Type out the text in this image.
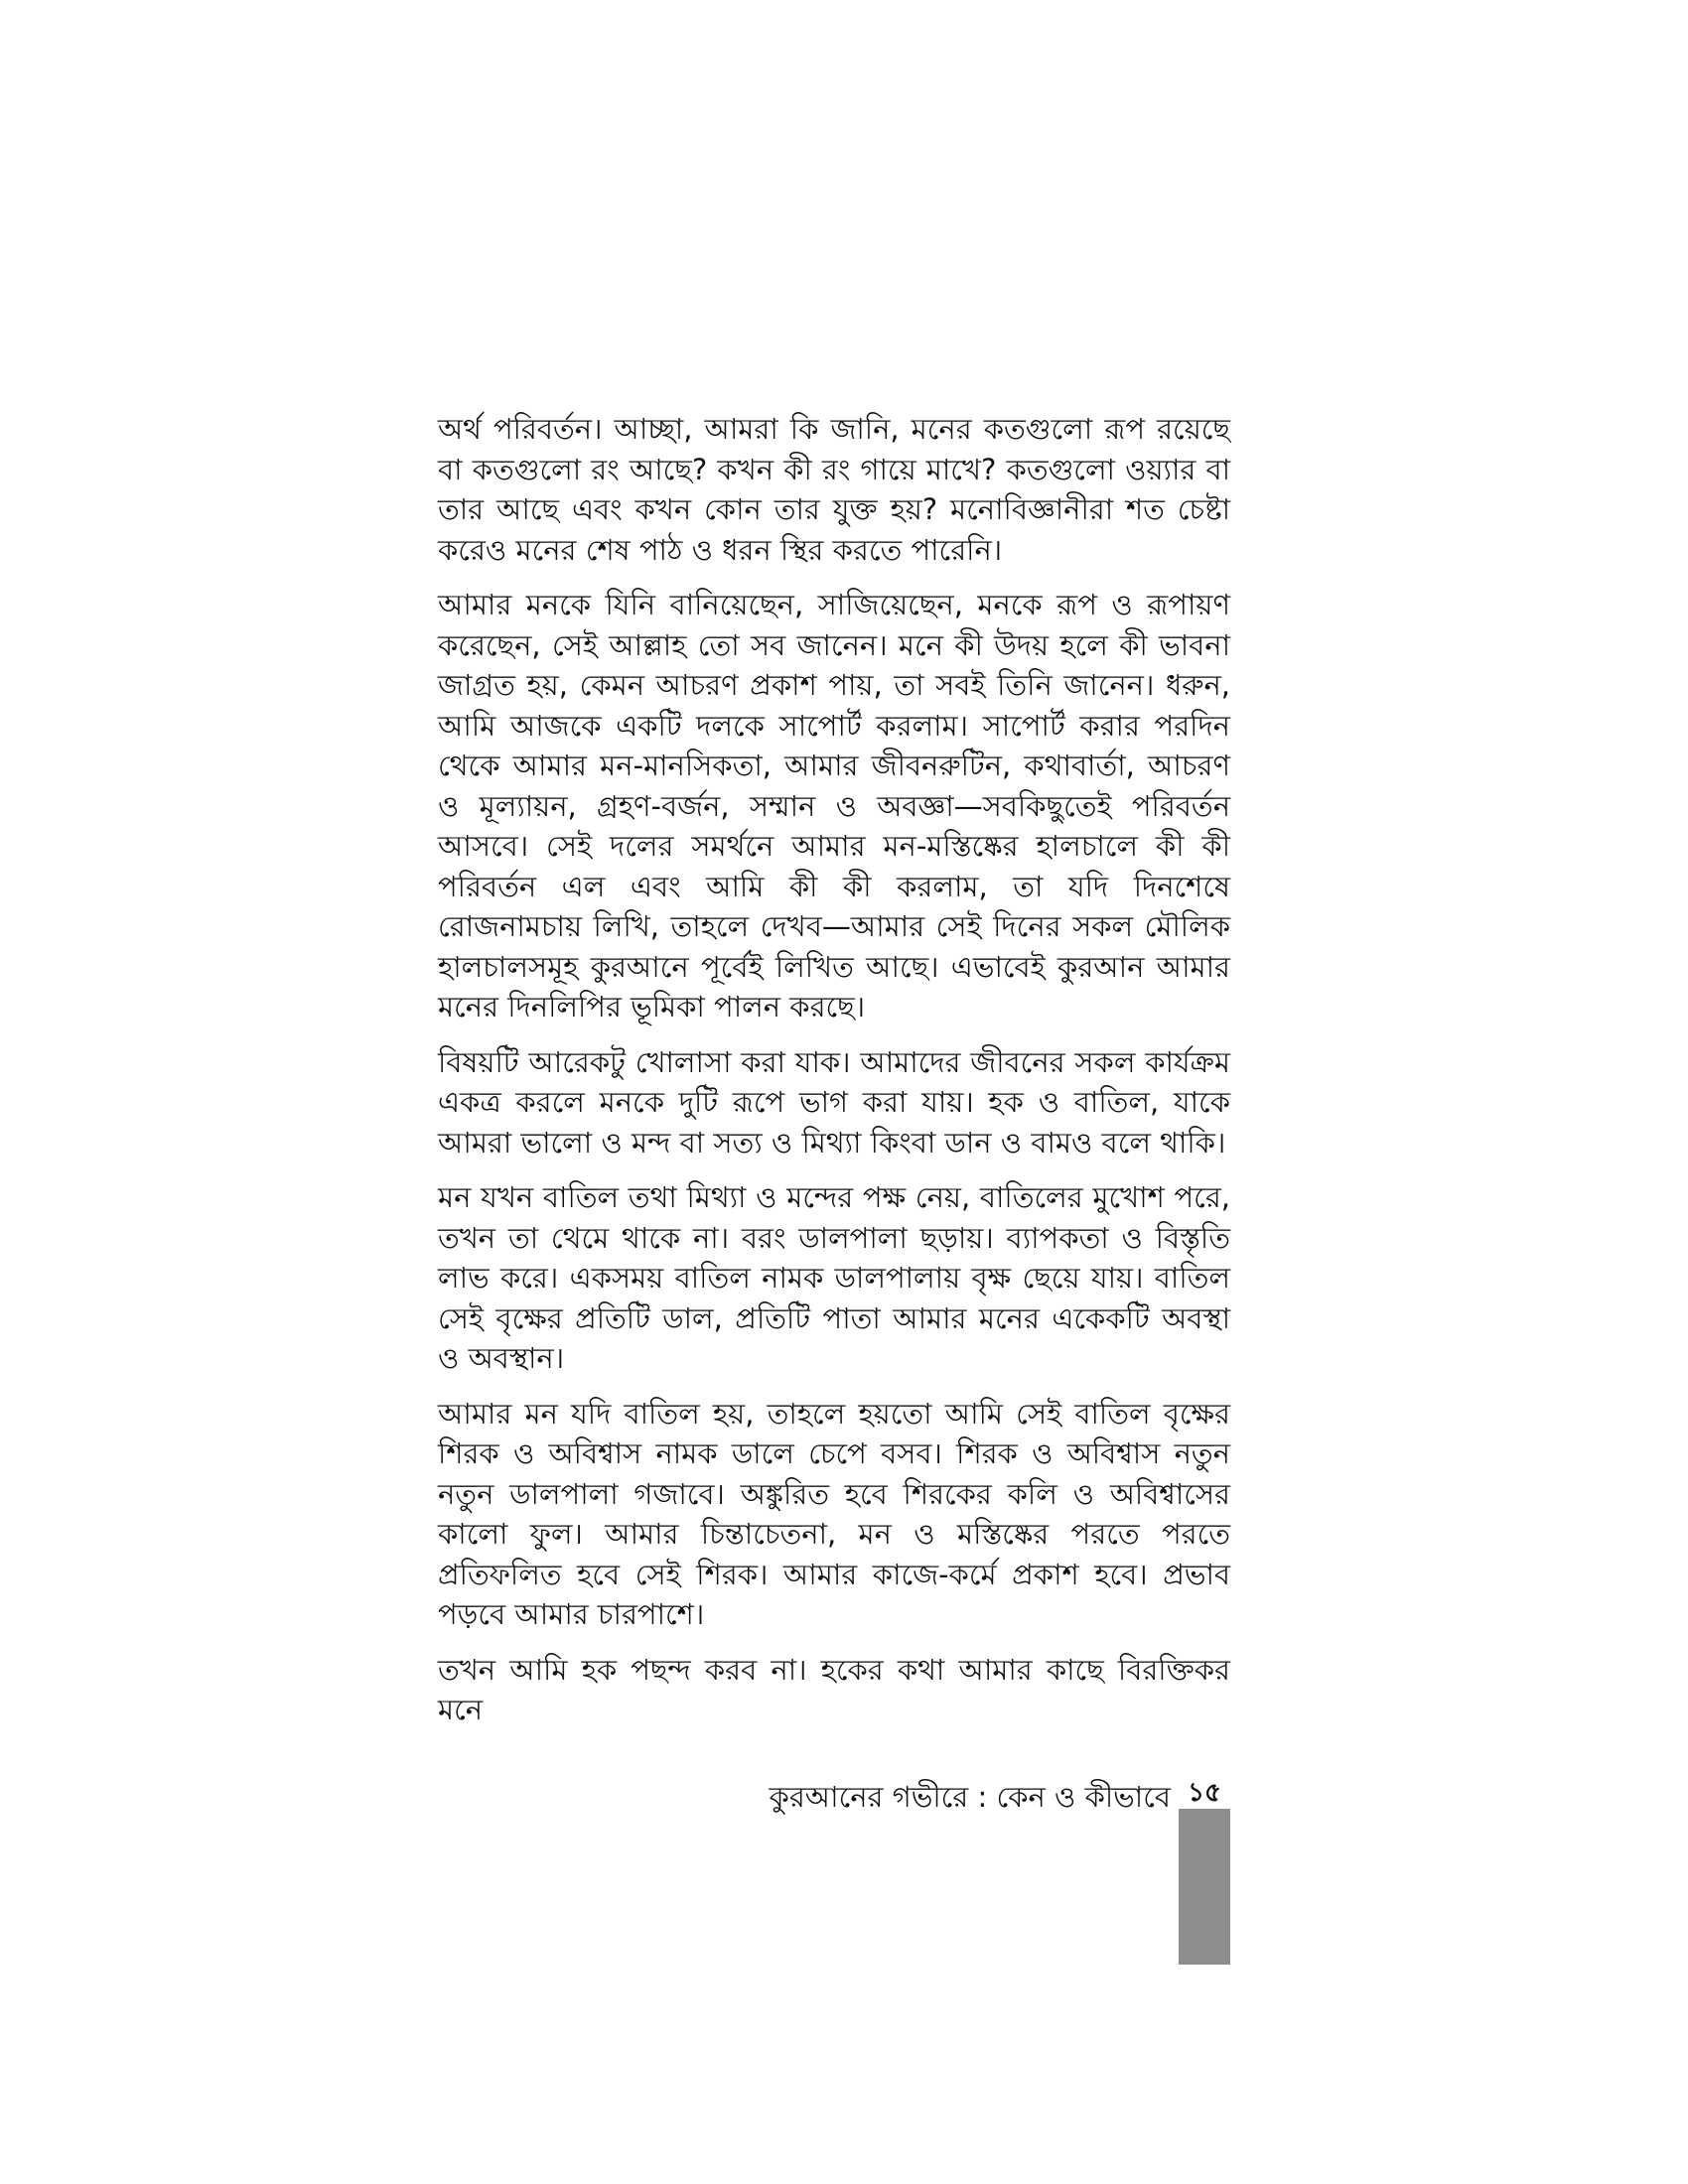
অর্থ পরিবর্তন। আচ্ছা, আমরা কি জানি, মনের কতগুলো রূপ রয়েছে বা কতগুলো রং আছে? কখন কী রং গায়ে মাখে? কতগুলো ওয়্যার বা তার আছে এবং কখন কোন তার যুক্ত হয়? মনোবিজ্ঞানীরা শত চেষ্টা করেও মনের শেষ পাঠ ও ধরন স্থির করতে পারেনি।

আমার মনকে যিনি বানিয়েছেন, সাজিয়েছেন, মনকে রূপ ও রূপায়ণ করেছেন, সেই আল্লাহ তো সব জানেন। মনে কী উদয় হলে কী ভাবনা জাগ্রত হয়, কেমন আচরণ প্রকাশ পায়, তা সবই তিনি জানেন। ধরুন, আমি আজকে একটি দলকে সাপোর্ট করলাম। সাপোর্ট করার পরদিন থেকে আমার মন-মানসিকতা, আমার জীবনরুটিন, কথাবার্তা, আচরণ ও মূল্যায়ন, গ্রহণ-বর্জন, সম্মান ও অবজ্ঞা—সবকিছুতেই পরিবর্তন আসবে। সেই দলের সমর্থনে আমার মন-মস্তিষ্কের হালচালে কী কী পরিবর্তন এল এবং আমি কী কী করলাম, তা যদি দিনশেষে রোজনামচায় লিখি, তাহলে দেখব—আমার সেই দিনের সকল মৌলিক হালচালসমূহ কুরআনে পূর্বেই লিখিত আছে। এভাবেই কুরআন আমার মনের দিনলিপির ভূমিকা পালন করছে।

বিষয়টি আরেকটু খোলাসা করা যাক। আমাদের জীবনের সকল কার্যক্রম একত্র করলে মনকে দুটি রূপে ভাগ করা যায়। হক ও বাতিল, যাকে আমরা ভালো ও মন্দ বা সত্য ও মিথ্যা কিংবা ডান ও বামও বলে থাকি।

মন যখন বাতিল তথা মিথ্যা ও মন্দের পক্ষ নেয়, বাতিলের মুখোশ পরে, তখন তা থেমে থাকে না। বরং ডালপালা ছড়ায়। ব্যাপকতা ও বিস্তৃতি লাভ করে। একসময় বাতিল নামক ডালপালায় বৃক্ষ ছেয়ে যায়। বাতিল সেই বৃক্ষের প্রতিটি ডাল, প্রতিটি পাতা আমার মনের একেকটি অবস্থা ও অবস্থান।

আমার মন যদি বাতিল হয়, তাহলে হয়তো আমি সেই বাতিল বৃক্ষের শিরক ও অবিশ্বাস নামক ডালে চেপে বসব। শিরক ও অবিশ্বাস নতুন নতুন ডালপালা গজাবে। অঙ্কুরিত হবে শিরকের কলি ও অবিশ্বাসের কালো ফুল। আমার চিন্তাচেতনা, মন ও মস্তিষ্কের পরতে পরতে প্রতিফলিত হবে সেই শিরক। আমার কাজে-কর্মে প্রকাশ হবে। প্রভাব পড়বে আমার চারপাশে।

তখন আমি হক পছন্দ করব না। হকের কথা আমার কাছে বিরক্তিকর মনে

কুরআনের গভীরে : কেন ও কীভাবে ১৫
